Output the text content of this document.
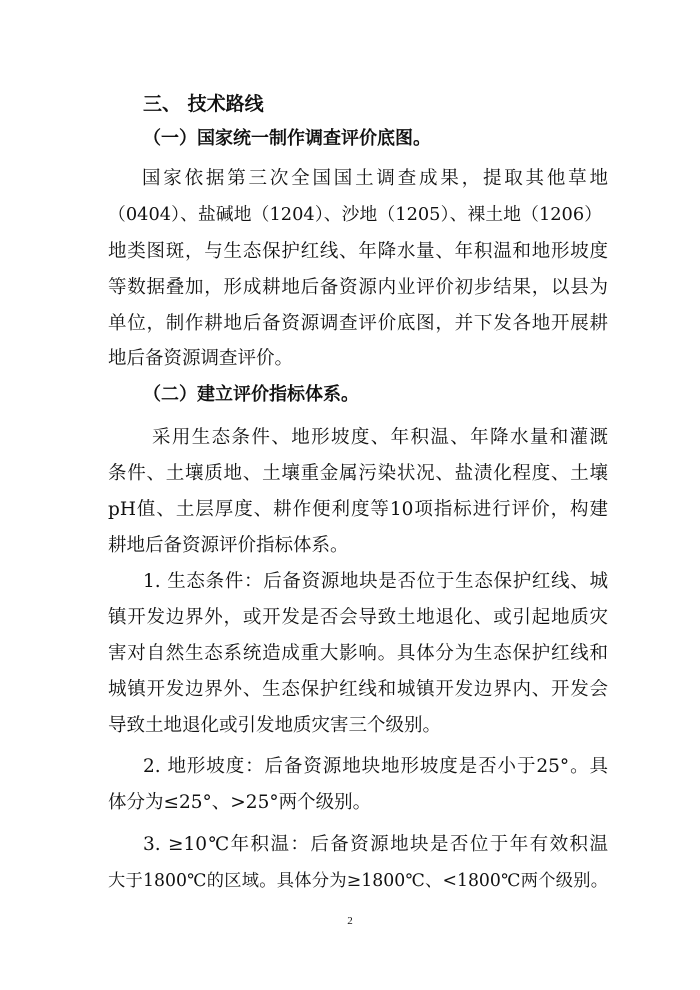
三、 技术路线
（一）国家统一制作调查评价底图。
国家依据第三次全国国土调查成果，提取其他草地
（0404）、盐碱地（1204）、沙地（1205）、裸土地（1206）
地类图斑，与生态保护红线、年降水量、年积温和地形坡度
等数据叠加，形成耕地后备资源内业评价初步结果，以县为
单位，制作耕地后备资源调查评价底图，并下发各地开展耕
地后备资源调查评价。
（二）建立评价指标体系。
采用生态条件、地形坡度、年积温、年降水量和灌溉
条件、土壤质地、土壤重金属污染状况、盐渍化程度、土壤
pH值、土层厚度、耕作便利度等10项指标进行评价，构建
耕地后备资源评价指标体系。
1. 生态条件：后备资源地块是否位于生态保护红线、城
镇开发边界外，或开发是否会导致土地退化、或引起地质灾
害对自然生态系统造成重大影响。具体分为生态保护红线和
城镇开发边界外、生态保护红线和城镇开发边界内、开发会
导致土地退化或引发地质灾害三个级别。
2. 地形坡度：后备资源地块地形坡度是否小于25°。具
体分为≤25°、>25°两个级别。
3. ≥10℃年积温：后备资源地块是否位于年有效积温
大于1800℃的区域。具体分为≥1800℃、<1800℃两个级别。
2
